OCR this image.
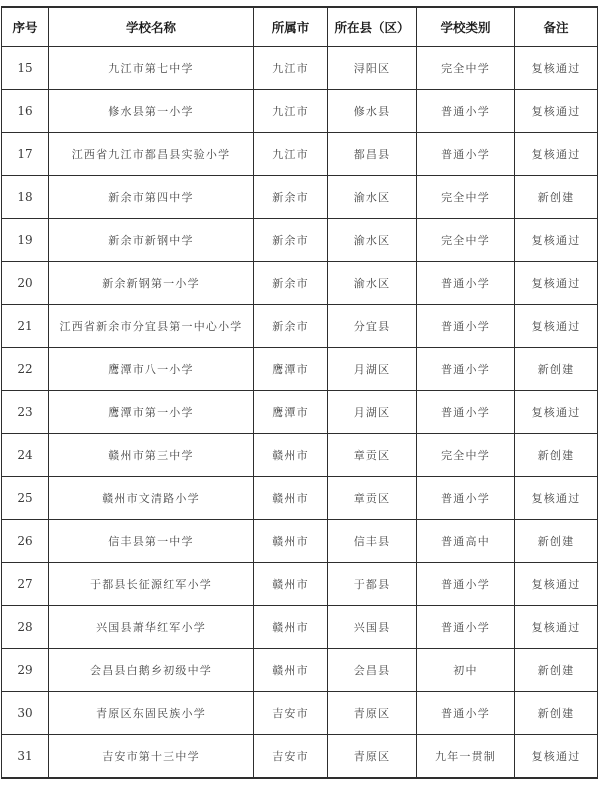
序号	学校名称	所属市	所在县（区）	学校类别	备注
15	九江市第七中学	九江市	浔阳区	完全中学	复核通过
16	修水县第一小学	九江市	修水县	普通小学	复核通过
17	江西省九江市都昌县实验小学	九江市	都昌县	普通小学	复核通过
18	新余市第四中学	新余市	渝水区	完全中学	新创建
19	新余市新钢中学	新余市	渝水区	完全中学	复核通过
20	新余新钢第一小学	新余市	渝水区	普通小学	复核通过
21	江西省新余市分宜县第一中心小学	新余市	分宜县	普通小学	复核通过
22	鹰潭市八一小学	鹰潭市	月湖区	普通小学	新创建
23	鹰潭市第一小学	鹰潭市	月湖区	普通小学	复核通过
24	赣州市第三中学	赣州市	章贡区	完全中学	新创建
25	赣州市文清路小学	赣州市	章贡区	普通小学	复核通过
26	信丰县第一中学	赣州市	信丰县	普通高中	新创建
27	于都县长征源红军小学	赣州市	于都县	普通小学	复核通过
28	兴国县萧华红军小学	赣州市	兴国县	普通小学	复核通过
29	会昌县白鹅乡初级中学	赣州市	会昌县	初中	新创建
30	青原区东固民族小学	吉安市	青原区	普通小学	新创建
31	吉安市第十三中学	吉安市	青原区	九年一贯制	复核通过
